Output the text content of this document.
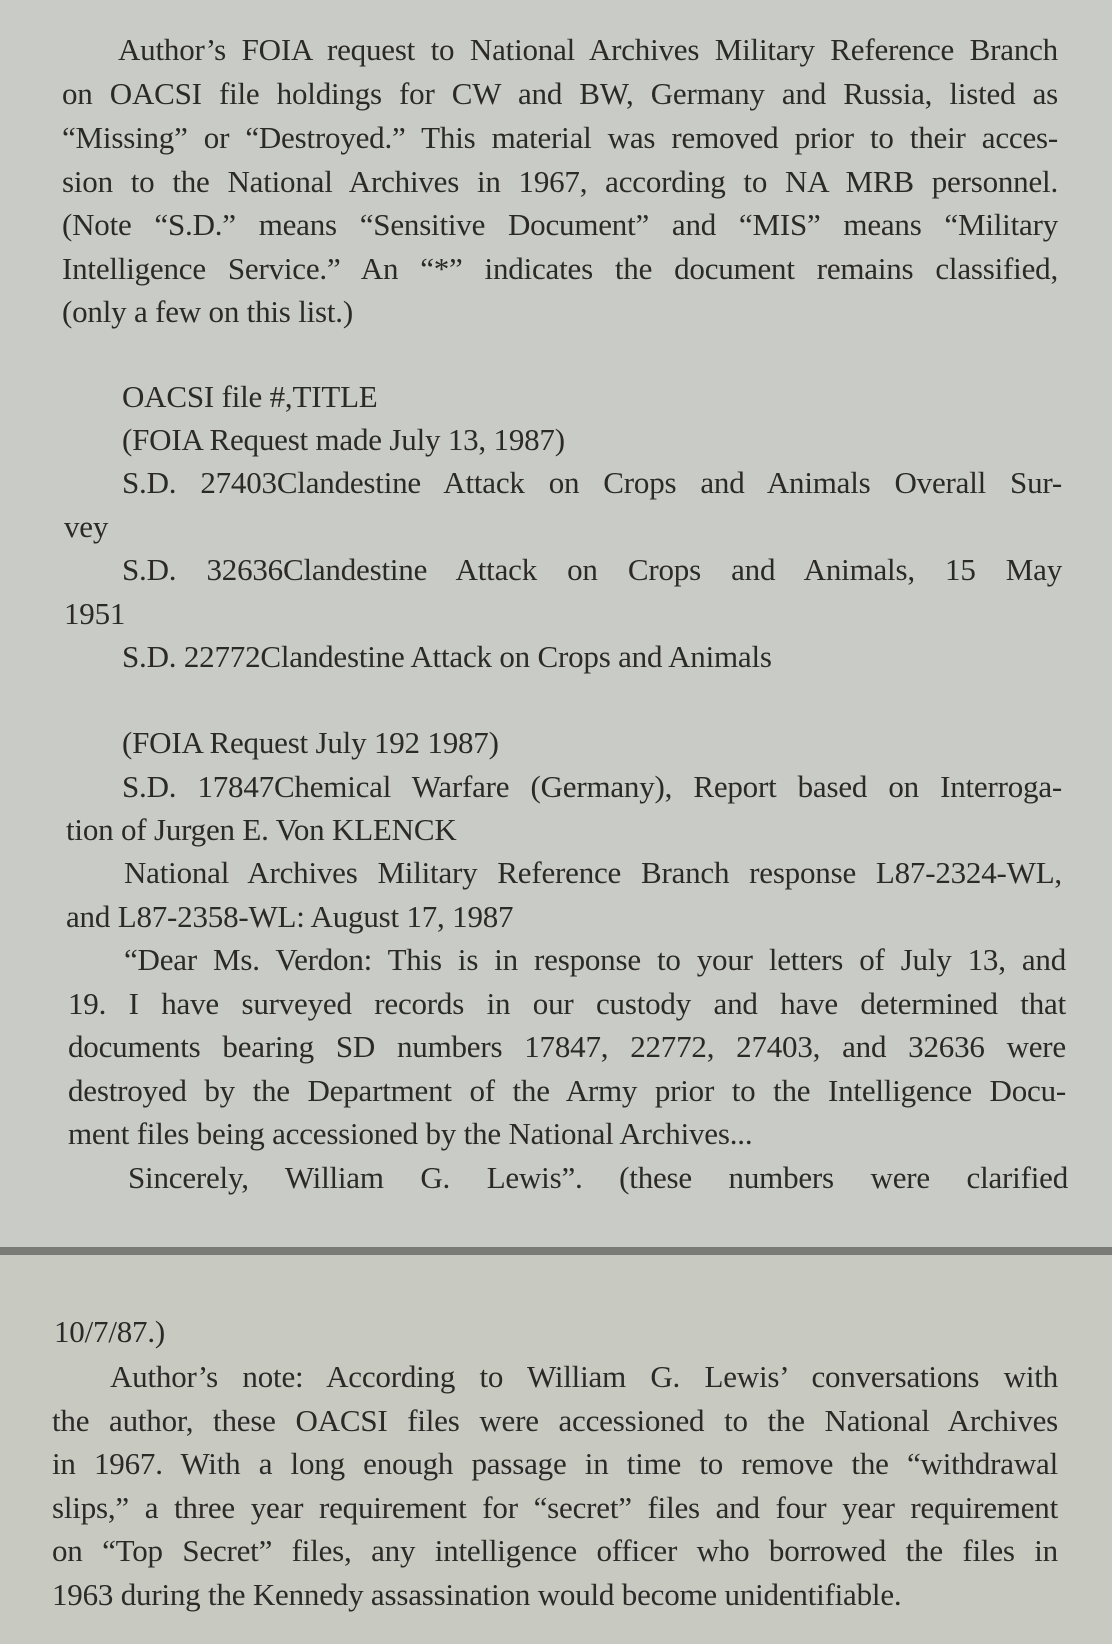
Author’s FOIA request to National Archives Military Reference Branch
on OACSI file holdings for CW and BW, Germany and Russia, listed as
“Missing” or “Destroyed.” This material was removed prior to their acces-
sion to the National Archives in 1967, according to NA MRB personnel.
(Note “S.D.” means “Sensitive Document” and “MIS” means “Military
Intelligence Service.” An “*” indicates the document remains classified,
(only a few on this list.)
OACSI file #,TITLE
(FOIA Request made July 13, 1987)
S.D. 27403Clandestine Attack on Crops and Animals Overall Sur-
vey
S.D. 32636Clandestine Attack on Crops and Animals, 15 May
1951
S.D. 22772Clandestine Attack on Crops and Animals
(FOIA Request July 192 1987)
S.D. 17847Chemical Warfare (Germany), Report based on Interroga-
tion of Jurgen E. Von KLENCK
National Archives Military Reference Branch response L87-2324-WL,
and L87-2358-WL: August 17, 1987
“Dear Ms. Verdon: This is in response to your letters of July 13, and
19. I have surveyed records in our custody and have determined that
documents bearing SD numbers 17847, 22772, 27403, and 32636 were
destroyed by the Department of the Army prior to the Intelligence Docu-
ment files being accessioned by the National Archives...
Sincerely, William G. Lewis”. (these numbers were clarified
10/7/87.)
Author’s note: According to William G. Lewis’ conversations with
the author, these OACSI files were accessioned to the National Archives
in 1967. With a long enough passage in time to remove the “withdrawal
slips,” a three year requirement for “secret” files and four year requirement
on “Top Secret” files, any intelligence officer who borrowed the files in
1963 during the Kennedy assassination would become unidentifiable.
